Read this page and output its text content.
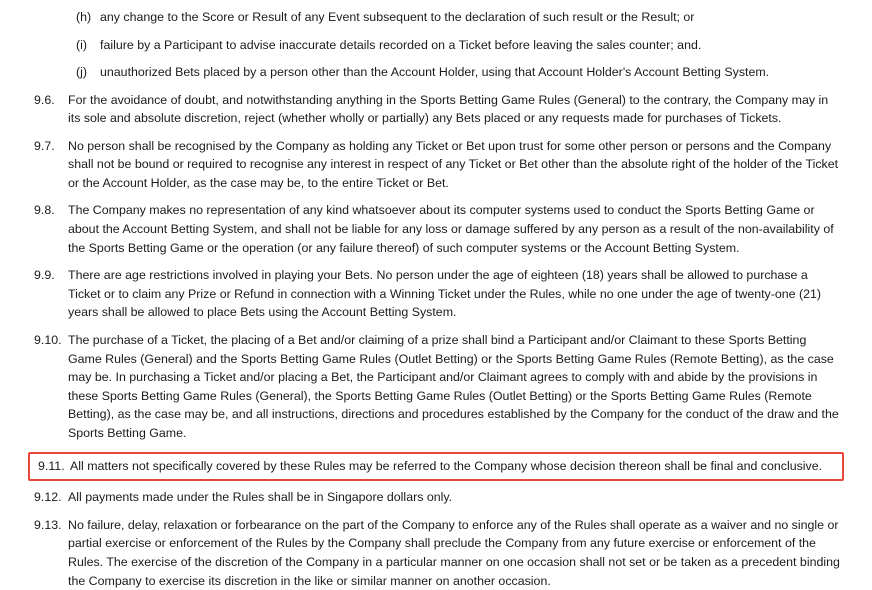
(h) any change to the Score or Result of any Event subsequent to the declaration of such result or the Result; or
(i)	failure by a Participant to advise inaccurate details recorded on a Ticket before leaving the sales counter; and.
(j)	unauthorized Bets placed by a person other than the Account Holder, using that Account Holder's Account Betting System.
9.6.	For the avoidance of doubt, and notwithstanding anything in the Sports Betting Game Rules (General) to the contrary, the Company may in its sole and absolute discretion, reject (whether wholly or partially) any Bets placed or any requests made for purchases of Tickets.
9.7.	No person shall be recognised by the Company as holding any Ticket or Bet upon trust for some other person or persons and the Company shall not be bound or required to recognise any interest in respect of any Ticket or Bet other than the absolute right of the holder of the Ticket or the Account Holder, as the case may be, to the entire Ticket or Bet.
9.8.	The Company makes no representation of any kind whatsoever about its computer systems used to conduct the Sports Betting Game or about the Account Betting System, and shall not be liable for any loss or damage suffered by any person as a result of the non-availability of the Sports Betting Game or the operation (or any failure thereof) of such computer systems or the Account Betting System.
9.9.	There are age restrictions involved in playing your Bets. No person under the age of eighteen (18) years shall be allowed to purchase a Ticket or to claim any Prize or Refund in connection with a Winning Ticket under the Rules, while no one under the age of twenty-one (21) years shall be allowed to place Bets using the Account Betting System.
9.10. The purchase of a Ticket, the placing of a Bet and/or claiming of a prize shall bind a Participant and/or Claimant to these Sports Betting Game Rules (General) and the Sports Betting Game Rules (Outlet Betting) or the Sports Betting Game Rules (Remote Betting), as the case may be. In purchasing a Ticket and/or placing a Bet, the Participant and/or Claimant agrees to comply with and abide by the provisions in these Sports Betting Game Rules (General), the Sports Betting Game Rules (Outlet Betting) or the Sports Betting Game Rules (Remote Betting), as the case may be, and all instructions, directions and procedures established by the Company for the conduct of the draw and the Sports Betting Game.
9.11. All matters not specifically covered by these Rules may be referred to the Company whose decision thereon shall be final and conclusive.
9.12. All payments made under the Rules shall be in Singapore dollars only.
9.13. No failure, delay, relaxation or forbearance on the part of the Company to enforce any of the Rules shall operate as a waiver and no single or partial exercise or enforcement of the Rules by the Company shall preclude the Company from any future exercise or enforcement of the Rules. The exercise of the discretion of the Company in a particular manner on one occasion shall not set or be taken as a precedent binding the Company to exercise its discretion in the like or similar manner on another occasion.
